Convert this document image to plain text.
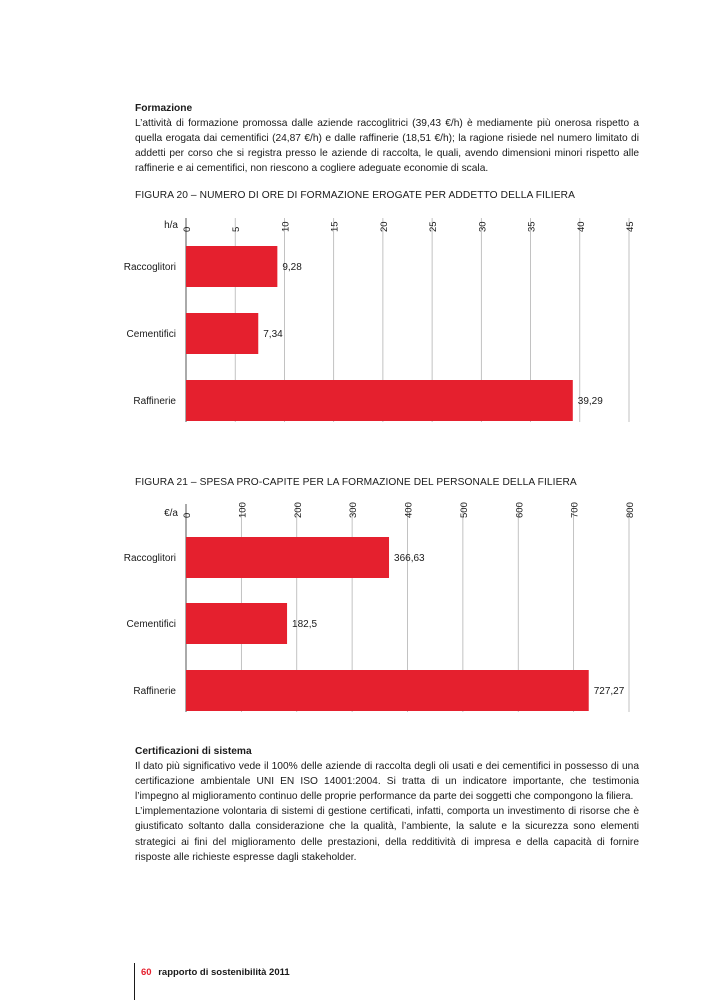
Formazione
L’attività di formazione promossa dalle aziende raccoglitrici (39,43 €/h) è mediamente più onerosa rispetto a quella erogata dai cementifici (24,87 €/h) e dalle raffinerie (18,51 €/h); la ragione risiede nel numero limitato di addetti per corso che si registra presso le aziende di raccolta, le quali, avendo dimensioni minori rispetto alle raffinerie e ai cementifici, non riescono a cogliere adeguate economie di scala.
FIGURA 20 – NUMERO DI ORE DI FORMAZIONE EROGATE PER ADDETTO DELLA FILIERA
0	5	10	15	20	25	30	35	40	45
h/a
Raccoglitori	9,28
Cementifici	7,34
Raffinerie	39,29
FIGURA 21 – SPESA PRO-CAPITE PER LA FORMAZIONE DEL PERSONALE DELLA FILIERA
0	100	200	300	400	500	600	700	800
€/a
Raccoglitori	366,63
Cementifici	182,5
Raffinerie	727,27
Certificazioni di sistema
Il dato più significativo vede il 100% delle aziende di raccolta degli oli usati e dei cementifici in possesso di una certificazione ambientale UNI EN ISO 14001:2004. Si tratta di un indicatore importante, che testimonia l’impegno al miglioramento continuo delle proprie performance da parte dei soggetti che compongono la filiera.
L’implementazione volontaria di sistemi di gestione certificati, infatti, comporta un investimento di risorse che è giustificato soltanto dalla considerazione che la qualità, l’ambiente, la salute e la sicurezza sono elementi strategici ai fini del miglioramento delle prestazioni, della redditività di impresa e della capacità di fornire risposte alle richieste espresse dagli stakeholder.
60 rapporto di sostenibilità 2011
